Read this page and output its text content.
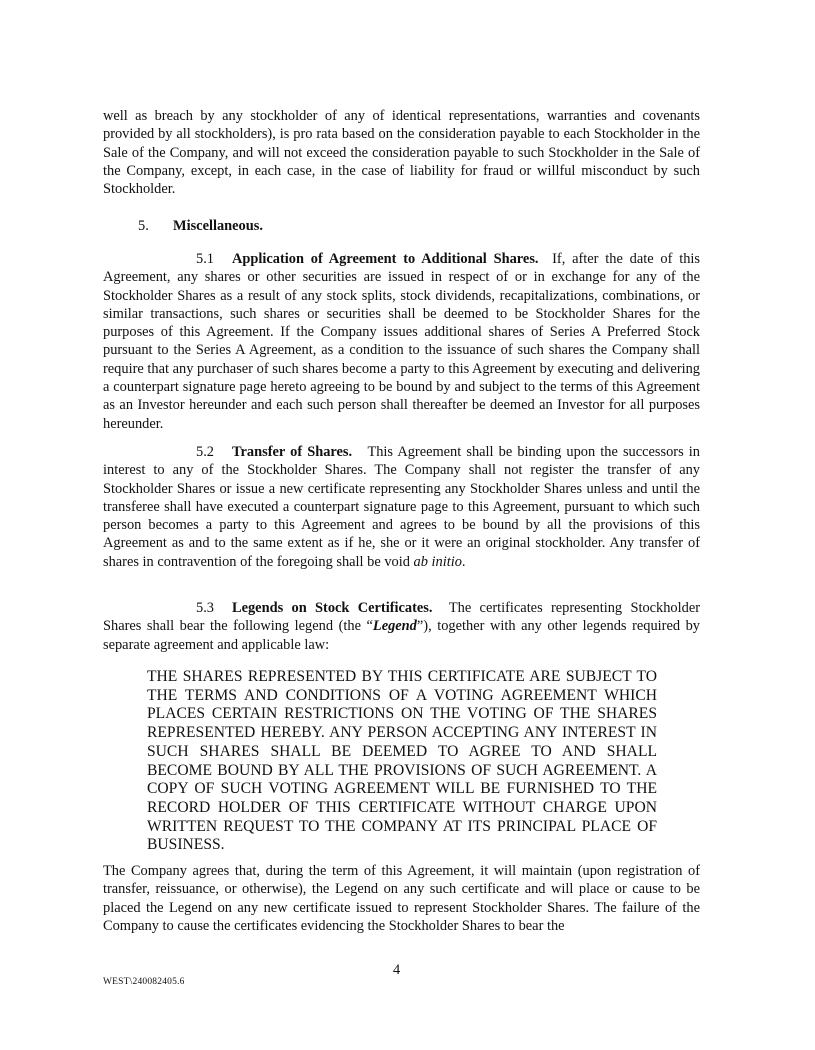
well as breach by any stockholder of any of identical representations, warranties and covenants provided by all stockholders), is pro rata based on the consideration payable to each Stockholder in the Sale of the Company, and will not exceed the consideration payable to such Stockholder in the Sale of the Company, except, in each case, in the case of liability for fraud or willful misconduct by such Stockholder.

5. Miscellaneous.

5.1 Application of Agreement to Additional Shares. If, after the date of this Agreement, any shares or other securities are issued in respect of or in exchange for any of the Stockholder Shares as a result of any stock splits, stock dividends, recapitalizations, combinations, or similar transactions, such shares or securities shall be deemed to be Stockholder Shares for the purposes of this Agreement. If the Company issues additional shares of Series A Preferred Stock pursuant to the Series A Agreement, as a condition to the issuance of such shares the Company shall require that any purchaser of such shares become a party to this Agreement by executing and delivering a counterpart signature page hereto agreeing to be bound by and subject to the terms of this Agreement as an Investor hereunder and each such person shall thereafter be deemed an Investor for all purposes hereunder.

5.2 Transfer of Shares. This Agreement shall be binding upon the successors in interest to any of the Stockholder Shares. The Company shall not register the transfer of any Stockholder Shares or issue a new certificate representing any Stockholder Shares unless and until the transferee shall have executed a counterpart signature page to this Agreement, pursuant to which such person becomes a party to this Agreement and agrees to be bound by all the provisions of this Agreement as and to the same extent as if he, she or it were an original stockholder. Any transfer of shares in contravention of the foregoing shall be void ab initio.

5.3 Legends on Stock Certificates. The certificates representing Stockholder Shares shall bear the following legend (the “Legend”), together with any other legends required by separate agreement and applicable law:

THE SHARES REPRESENTED BY THIS CERTIFICATE ARE SUBJECT TO THE TERMS AND CONDITIONS OF A VOTING AGREEMENT WHICH PLACES CERTAIN RESTRICTIONS ON THE VOTING OF THE SHARES REPRESENTED HEREBY. ANY PERSON ACCEPTING ANY INTEREST IN SUCH SHARES SHALL BE DEEMED TO AGREE TO AND SHALL BECOME BOUND BY ALL THE PROVISIONS OF SUCH AGREEMENT. A COPY OF SUCH VOTING AGREEMENT WILL BE FURNISHED TO THE RECORD HOLDER OF THIS CERTIFICATE WITHOUT CHARGE UPON WRITTEN REQUEST TO THE COMPANY AT ITS PRINCIPAL PLACE OF BUSINESS.

The Company agrees that, during the term of this Agreement, it will maintain (upon registration of transfer, reissuance, or otherwise), the Legend on any such certificate and will place or cause to be placed the Legend on any new certificate issued to represent Stockholder Shares. The failure of the Company to cause the certificates evidencing the Stockholder Shares to bear the

4
WEST\240082405.6
